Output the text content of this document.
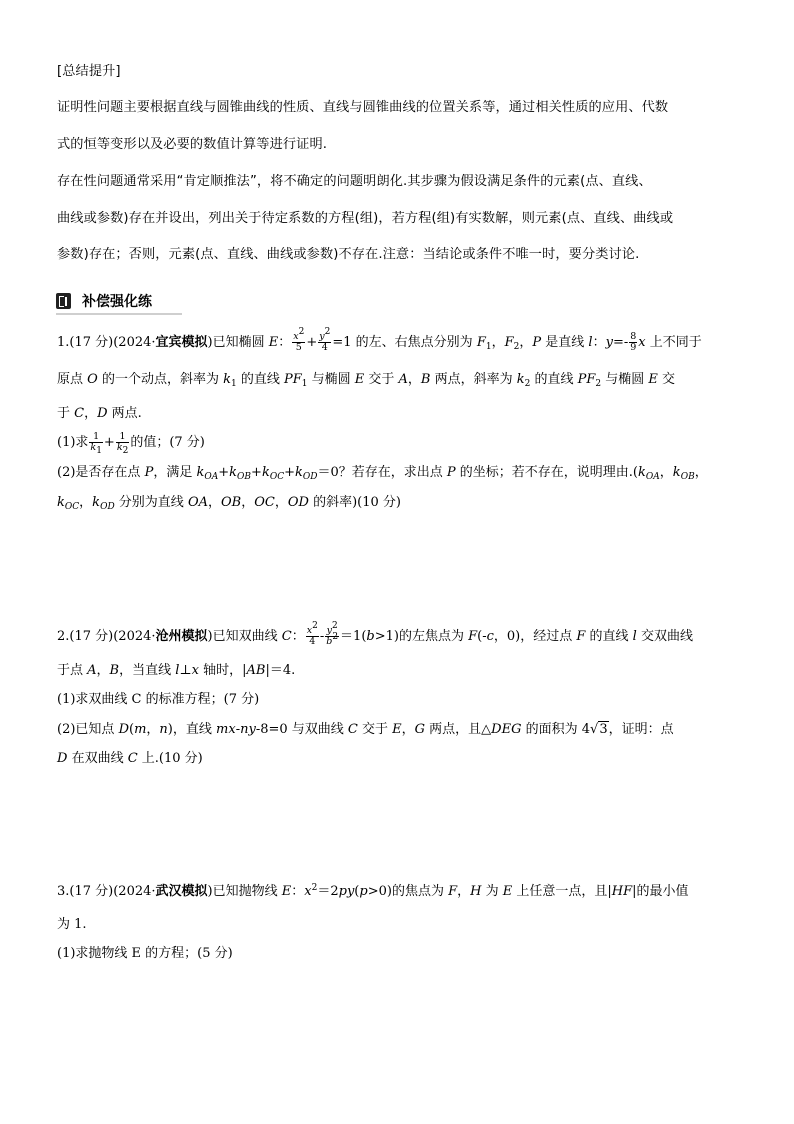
[总结提升]
证明性问题主要根据直线与圆锥曲线的性质、直线与圆锥曲线的位置关系等，通过相关性质的应用、代数
式的恒等变形以及必要的数值计算等进行证明.
存在性问题通常采用“肯定顺推法”，将不确定的问题明朗化.其步骤为假设满足条件的元素(点、直线、
曲线或参数)存在并设出，列出关于待定系数的方程(组)，若方程(组)有实数解，则元素(点、直线、曲线或
参数)存在；否则，元素(点、直线、曲线或参数)不存在.注意：当结论或条件不唯一时，要分类讨论.
补偿强化练
1.(17 分)(2024·宜宾模拟)已知椭圆 E： $\frac{x^2}{5} + \frac{y^2}{4} =1$ 的左、右焦点分别为 $F_1$，$F_2$，P 是直线 l：$y=- \frac{8}{9}$ x 上不同于
原点 O 的一个动点，斜率为 $k_1$ 的直线 $PF_1$ 与椭圆 E 交于 A，B 两点，斜率为 $k_2$ 的直线 $PF_2$ 与椭圆 E 交
于 C，D 两点.
(1)求 $\frac{1}{k_1} + \frac{1}{k_2}$ 的值；(7 分)
(2)是否存在点 P，满足 $k_{OA}+k_{OB}+k_{OC}+k_{OD}=0$？若存在，求出点 P 的坐标；若不存在，说明理由$.(k_{OA}$，$k_{OB}$，
$k_{OC}$，$k_{OD}$ 分别为直线 OA，OB，OC，OD 的斜率)(10 分)
2.(17 分)(2024·沧州模拟)已知双曲线 C： $\frac{x^2}{4} - \frac{y^2}{b^2} =1(b>1)$的左焦点为 F(-c，0)，经过点 F 的直线 l 交双曲线
于点 A，B，当直线 l⊥x 轴时，|AB|＝4.
(1)求双曲线 C 的标准方程；(7 分)
(2)已知点 D(m，n)，直线 mx-ny-8=0 与双曲线 C 交于 E，G 两点，且△DEG 的面积为 4√3，证明：点
D 在双曲线 C 上.(10 分)
3.(17 分)(2024·武汉模拟)已知抛物线 E：$x^2=2py(p>0)$的焦点为 F，H 为 E 上任意一点，且|HF|的最小值
为 1.
(1)求抛物线 E 的方程；(5 分)
